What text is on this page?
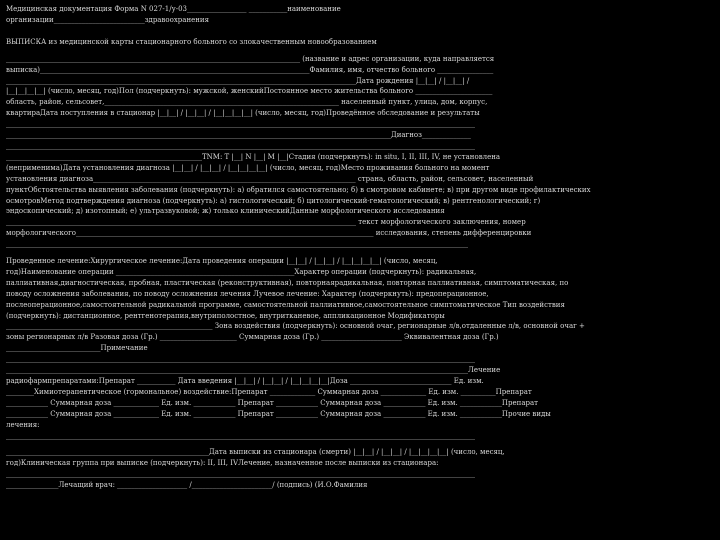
Медицинская документация Форма N 027-1/у-03_________________ ___________наименование

организации__________________________здравоохранения

ВЫПИСКА из медицинской карты стационарного больного со злокачественным новообразованием

____________________________________________________________________________________ (название и адрес организации, куда направляется

выписка)_____________________________________________________________________________Фамилия, имя, отчество больного ________________

____________________________________________________________________________________________________Дата рождения |__|__| / |__|__| /

|__|__|__|__| (число, месяц, год)Пол (подчеркнуть): мужской, женскийПостоянное место жительства больного ______________________

область, район, сельсовет,___________________________________________________________________ населенный пункт, улица, дом, корпус,

квартираДата поступления в стационар |__|__| / |__|__| / |__|__|__|__| (число, месяц, год)Проведённое обследование и результаты

______________________________________________________________________________________________________________________________________

______________________________________________________________________________________________________________Диагноз______________

______________________________________________________________________________________________________________________________________

________________________________________________________TNM: T |__| N |__| M |__|Стадия (подчеркнуть): in situ, I, II, III, IV, не установлена

(неприменима)Дата установления диагноза |__|__| / |__|__| / |__|__|__|__| (число, месяц, год)Место проживания больного на момент

установления диагноза___________________________________________________________________________ страна, область, район, сельсовет, населенный

пунктОбстоятельства выявления заболевания (подчеркнуть): а) обратился самостоятельно; б) в смотровом кабинете; в) при другом виде профилактических

осмотровМетод подтверждения диагноза (подчеркнуть): а) гистологический; б) цитологический-гематологический; в) рентгенологический; г)

эндоскопический; д) изотопный; е) ультразвуковой; ж) только клиническийДанные морфологического исследования

____________________________________________________________________________________________________ текст морфологического заключения, номер

морфологического_____________________________________________________________________________________ исследования, степень дифференцировки

____________________________________________________________________________________________________________________________________

Проведенное лечение:Хирургическое лечение:Дата проведения операции |__|__| / |__|__| / |__|__|__|__| (число, месяц,

год)Наименование операции ___________________________________________________Характер операции (подчеркнуть): радикальная,

паллиативная,диагностическая, пробная, пластическая (реконструктивная), повторнаярадикальная, повторная паллиативная, симптоматическая, по

поводу осложнения заболевания, по поводу осложнения лечения Лучевое лечение: Характер (подчеркнуть): предоперационное,

послеоперационное,самостоятельной радикальной программе, самостоятельной паллиативное,самостоятельное симптоматическое Тип воздействия

(подчеркнуть): дистанционное, рентгенотерапия,внутриполостное, внутритканевое, аппликационное Модификаторы

___________________________________________________________ Зона воздействия (подчеркнуть): основной очаг, регионарные л/в,отдаленные л/в, основной очаг +

зоны регионарных л/в Разовая доза (Гр.) ______________________ Суммарная доза (Гр.) _______________________ Эквивалентная доза (Гр.)

___________________________Примечание

______________________________________________________________________________________________________________________________________

____________________________________________________________________________________________________________________________________Лечение

радиофармпрепаратами:Препарат ___________ Дата введения |__|__| / |__|__| / |__|__|__|__|Доза _____________________________ Ед. изм.

________Химиотерапевтическое (гормональное) воздействие:Препарат _____________ Суммарная доза _____________ Ед. изм. __________Препарат

____________ Суммарная доза _____________ Ед. изм. ____________ Препарат ____________ Суммарная доза ____________ Ед. изм. ____________Препарат

____________ Суммарная доза _____________ Ед. изм. ____________ Препарат ____________ Суммарная доза ____________ Ед. изм. ____________Прочие виды

лечения:

______________________________________________________________________________________________________________________________________

__________________________________________________________Дата выписки из стационара (смерти) |__|__| / |__|__| / |__|__|__|__| (число, месяц,

год)Клиническая группа при выписке (подчеркнуть): II, III, IVЛечение, назначенное после выписки из стационара:

______________________________________________________________________________________________________________________________________

_______________Лечащий врач: ____________________ /_______________________/ (подпись) (И.О.Фамилия
